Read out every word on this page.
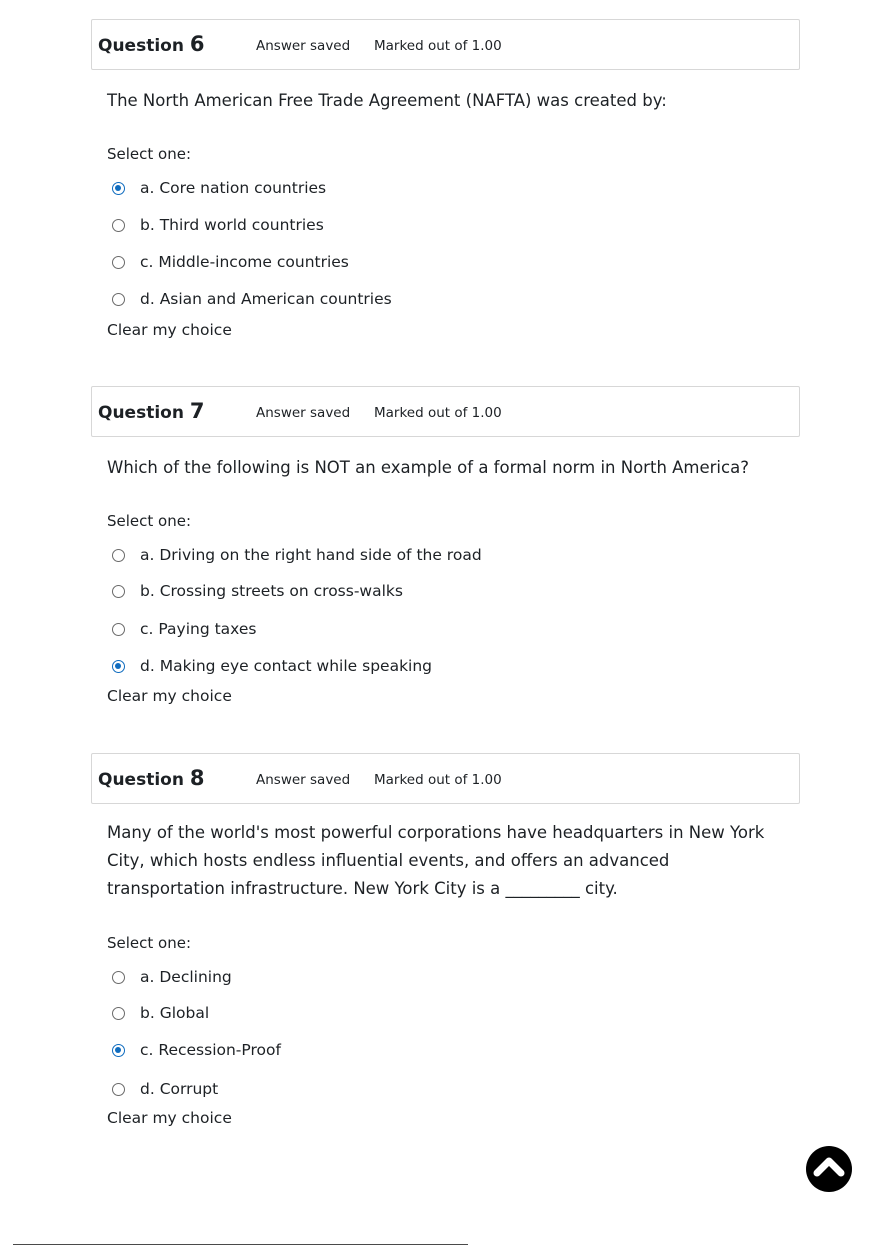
Question 6	Answer saved Marked out of 1.00
The North American Free Trade Agreement (NAFTA) was created by:
Select one:
a. Core nation countries
b. Third world countries
c. Middle-income countries
d. Asian and American countries
Clear my choice
Question 7	Answer saved Marked out of 1.00
Which of the following is NOT an example of a formal norm in North America?
Select one:
a. Driving on the right hand side of the road
b. Crossing streets on cross-walks
c. Paying taxes
d. Making eye contact while speaking
Clear my choice
Question 8	Answer saved Marked out of 1.00
Many of the world's most powerful corporations have headquarters in New York City, which hosts endless influential events, and offers an advanced transportation infrastructure. New York City is a _________ city.
Select one:
a. Declining
b. Global
c. Recession-Proof
d. Corrupt
Clear my choice
